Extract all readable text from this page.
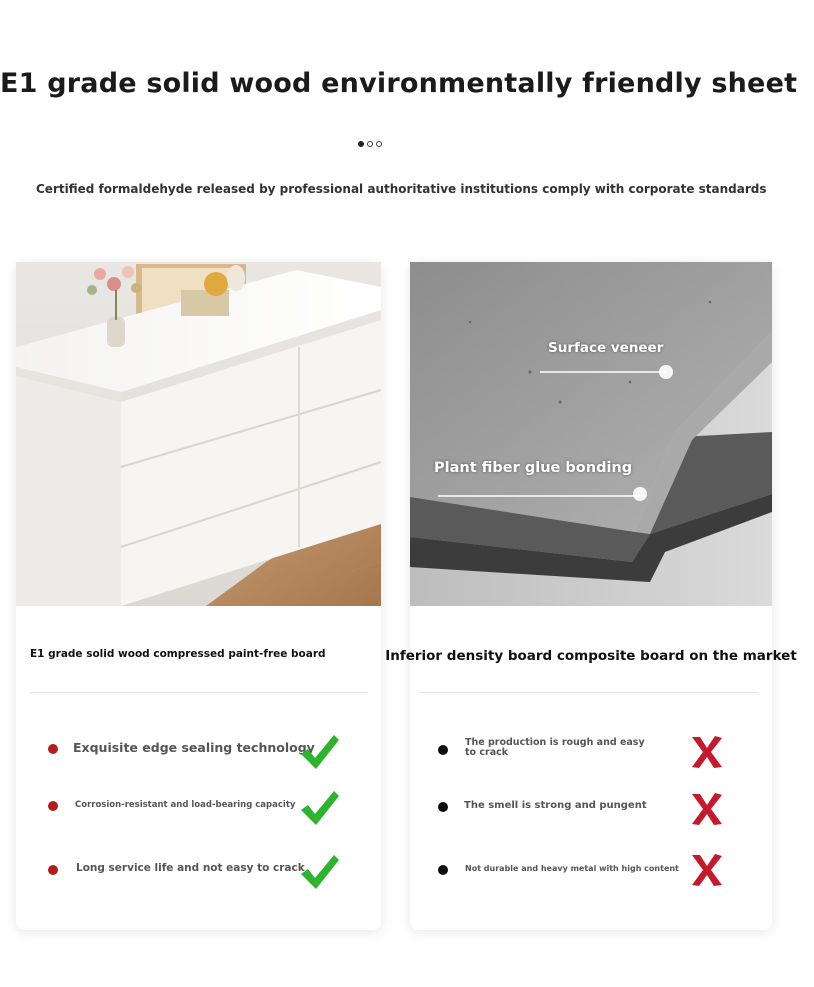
E1 grade solid wood environmentally friendly sheet
Certified formaldehyde released by professional authoritative institutions comply with corporate standards
E1 grade solid wood compressed paint-free board
Exquisite edge sealing technology
Corrosion-resistant and load-bearing capacity
Long service life and not easy to crack
Surface veneer
Plant fiber glue bonding
Inferior density board composite board on the market
The production is rough and easy to crack
The smell is strong and pungent
Not durable and heavy metal with high content
